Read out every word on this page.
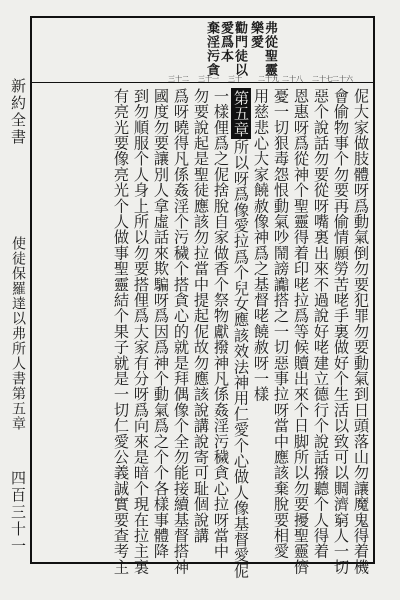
新約全書
使徒保羅達以弗所人書第五章
四百三十一
勸門徒以
愛爲本
棄淫污貪	弗從聖靈
樂愛
伲大家做肢體呀爲動氣倒勿要犯罪勿要動氣到日頭落山勿讓魔鬼得着機
會偷物事个勿要再偷情願勞苦咾手裏做好个生活以致可以賙濟窮人一切
惡个說話勿要從呀嘴裏出來不過說好咾建立德行个說話撥聽个人得着
恩惠呀爲從神个聖靈得着印咾拉爲等候贖出來个日脚所以勿要擾聖靈儕
憂一切狠毒怨恨動氣吵鬧謗讟搭之一切惡事拉呀當中應該棄脫要相愛
用慈悲心大家饒赦像神爲之基督咾饒赦呀一樣
第五章所以呀爲像愛拉爲个兒女應該效法神用仁愛个心做人像基督愛伲
一樣俚爲之伲捨脫自家做香个祭物獻撥神凡係姦淫污穢貪心拉呀當中
勿要說起是聖徒應該勿拉當中提起伲故勿應該說講說寄可耻個說講
爲呀曉得凡係姦淫个污穢个搭貪心的就是拜偶像个全勿能接續基督搭神
國度勿要讓別人拿虛話來欺騙呀爲因爲神个動氣爲之个个各樣事體降
到勿順服个人身上所以勿要搭俚爲大家有分呀爲向來是暗个現在拉主裏
有亮光要像亮光个人做事聖靈結个果子就是一切仁愛公義誠實要查考主
二十六
二十七
二十八
二十九
三十
三十一
三十二
